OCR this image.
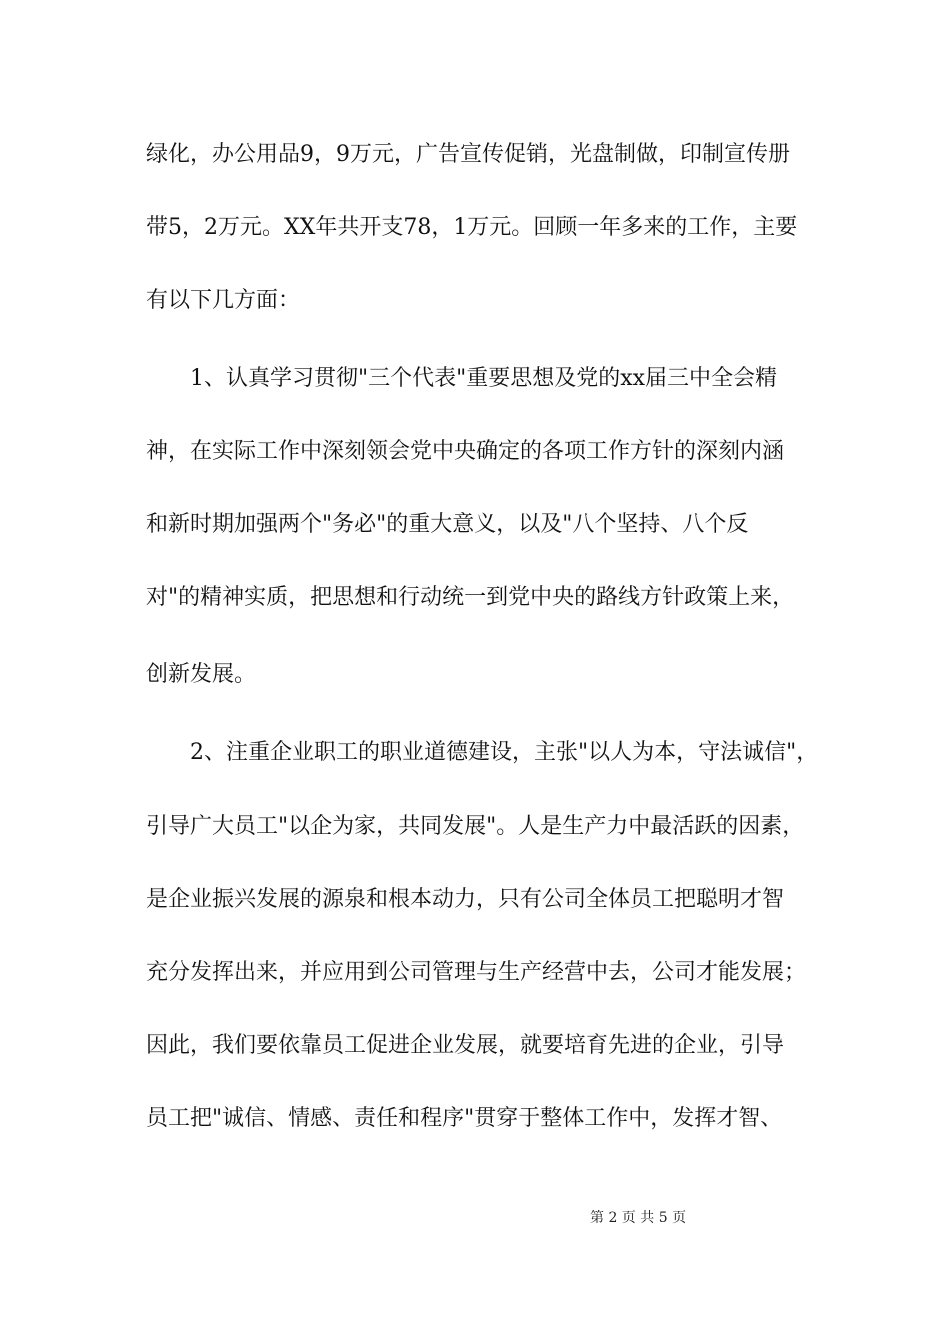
绿化，办公用品9，9万元，广告宣传促销，光盘制做，印制宣传册
带5，2万元。XX年共开支78，1万元。回顾一年多来的工作，主要
有以下几方面：
1、认真学习贯彻"三个代表"重要思想及党的xx届三中全会精
神，在实际工作中深刻领会党中央确定的各项工作方针的深刻内涵
和新时期加强两个"务必"的重大意义，以及"八个坚持、八个反
对"的精神实质，把思想和行动统一到党中央的路线方针政策上来，
创新发展。
2、注重企业职工的职业道德建设，主张"以人为本，守法诚信"，
引导广大员工"以企为家，共同发展"。人是生产力中最活跃的因素，
是企业振兴发展的源泉和根本动力，只有公司全体员工把聪明才智
充分发挥出来，并应用到公司管理与生产经营中去，公司才能发展；
因此，我们要依靠员工促进企业发展，就要培育先进的企业，引导
员工把"诚信、情感、责任和程序"贯穿于整体工作中，发挥才智、
第 2 页 共 5 页
